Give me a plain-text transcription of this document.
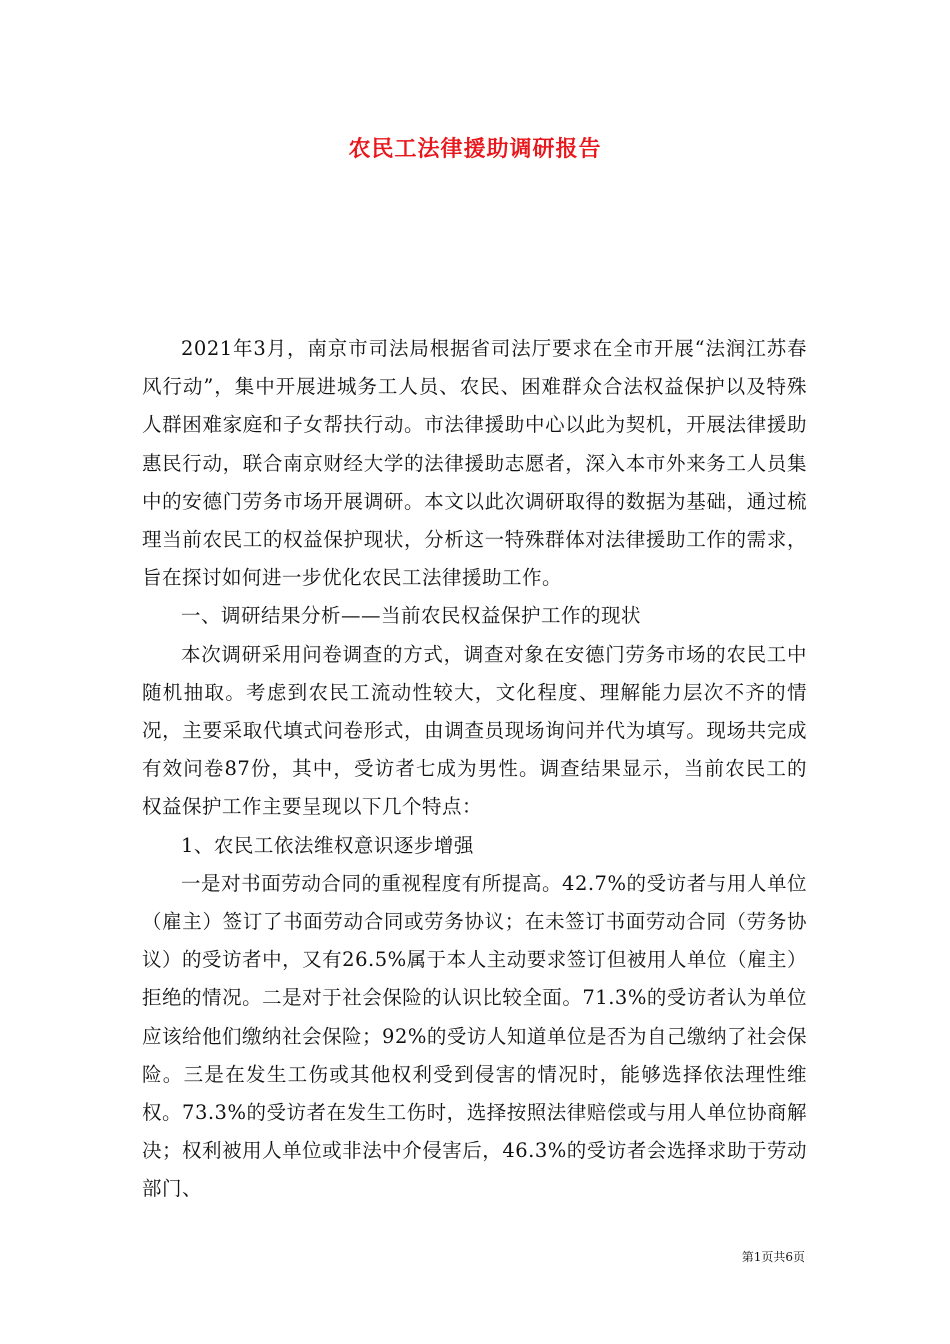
农民工法律援助调研报告

2021年3月，南京市司法局根据省司法厅要求在全市开展“法润江苏春风行动”，集中开展进城务工人员、农民、困难群众合法权益保护以及特殊人群困难家庭和子女帮扶行动。市法律援助中心以此为契机，开展法律援助惠民行动，联合南京财经大学的法律援助志愿者，深入本市外来务工人员集中的安德门劳务市场开展调研。本文以此次调研取得的数据为基础，通过梳理当前农民工的权益保护现状，分析这一特殊群体对法律援助工作的需求，旨在探讨如何进一步优化农民工法律援助工作。

一、调研结果分析——当前农民权益保护工作的现状

本次调研采用问卷调查的方式，调查对象在安德门劳务市场的农民工中随机抽取。考虑到农民工流动性较大，文化程度、理解能力层次不齐的情况，主要采取代填式问卷形式，由调查员现场询问并代为填写。现场共完成有效问卷87份，其中，受访者七成为男性。调查结果显示，当前农民工的权益保护工作主要呈现以下几个特点：

1、农民工依法维权意识逐步增强

一是对书面劳动合同的重视程度有所提高。42.7%的受访者与用人单位（雇主）签订了书面劳动合同或劳务协议；在未签订书面劳动合同（劳务协议）的受访者中，又有26.5%属于本人主动要求签订但被用人单位（雇主）拒绝的情况。二是对于社会保险的认识比较全面。71.3%的受访者认为单位应该给他们缴纳社会保险；92%的受访人知道单位是否为自己缴纳了社会保险。三是在发生工伤或其他权利受到侵害的情况时，能够选择依法理性维权。73.3%的受访者在发生工伤时，选择按照法律赔偿或与用人单位协商解决；权利被用人单位或非法中介侵害后，46.3%的受访者会选择求助于劳动部门、

第1页共6页
